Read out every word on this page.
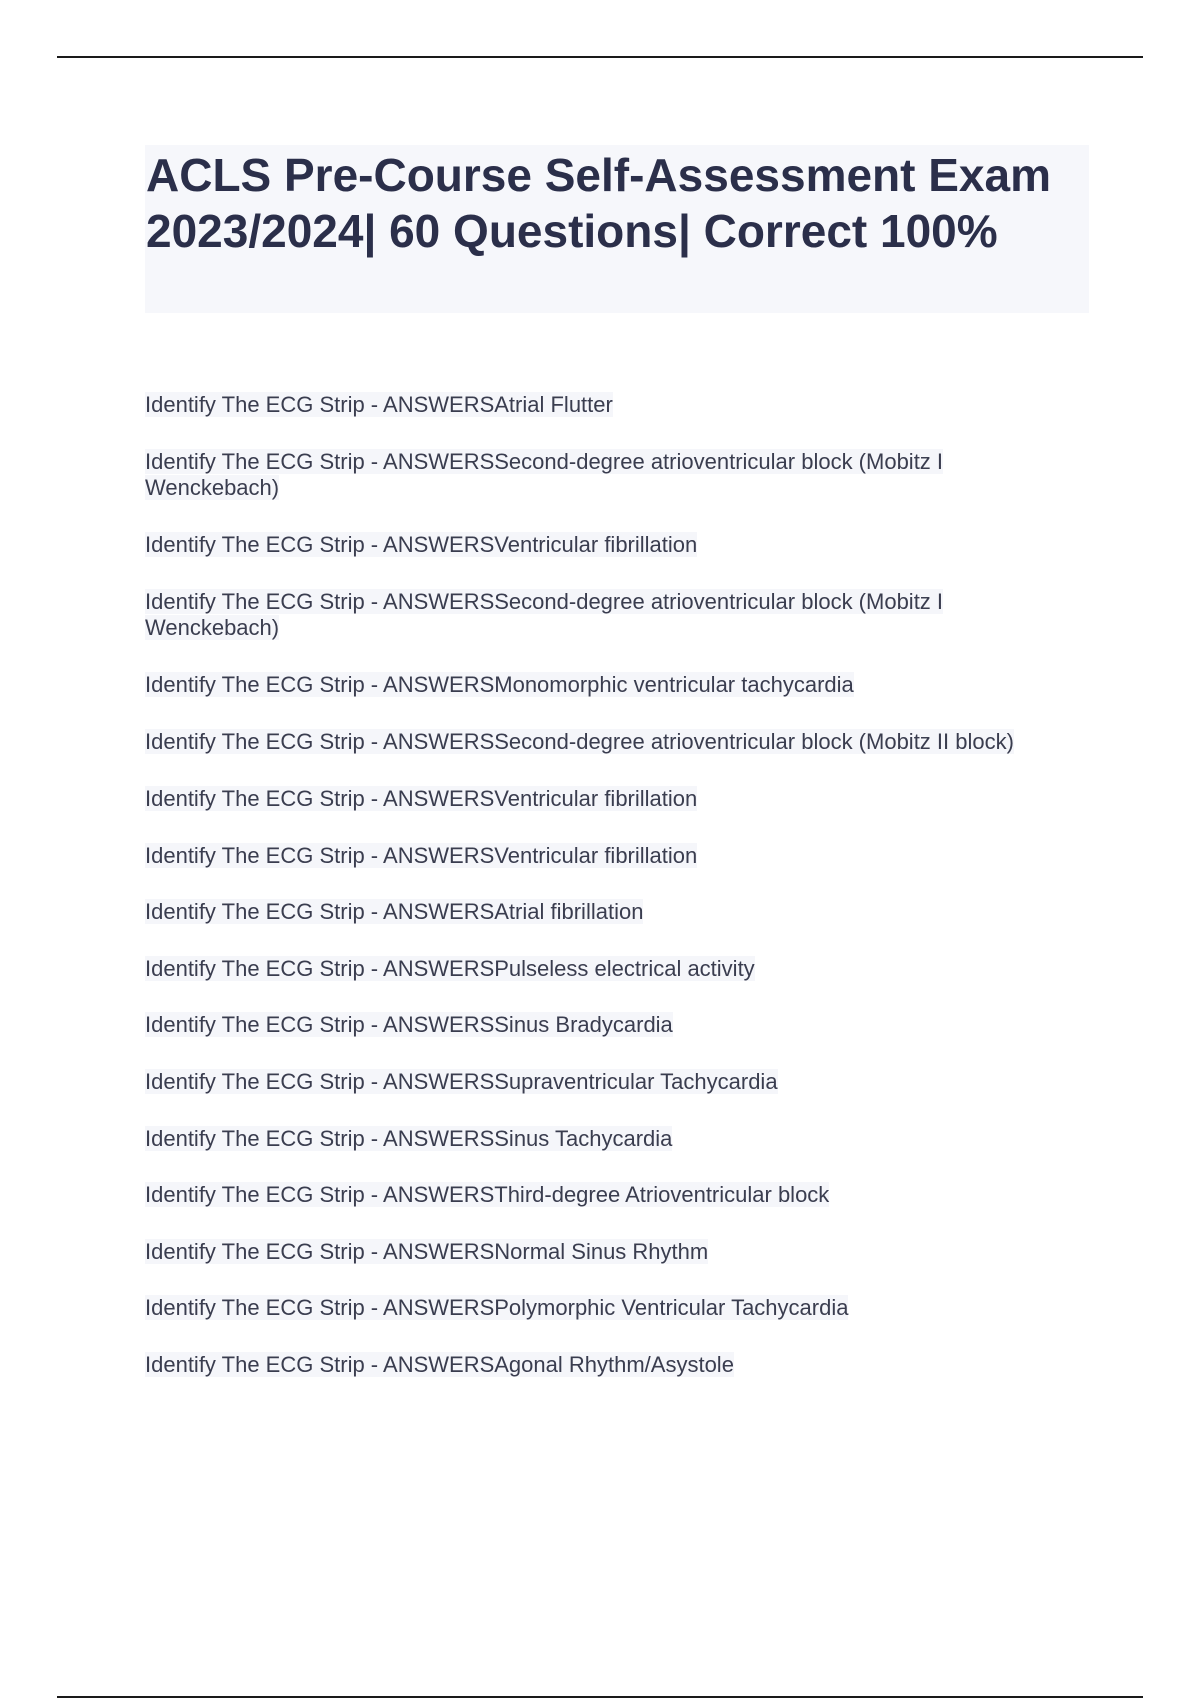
ACLS Pre-Course Self-Assessment Exam 2023/2024| 60 Questions| Correct 100%
Identify The ECG Strip - ANSWERSAtrial Flutter
Identify The ECG Strip - ANSWERSSecond-degree atrioventricular block (Mobitz I Wenckebach)
Identify The ECG Strip - ANSWERSVentricular fibrillation
Identify The ECG Strip - ANSWERSSecond-degree atrioventricular block (Mobitz I Wenckebach)
Identify The ECG Strip - ANSWERSMonomorphic ventricular tachycardia
Identify The ECG Strip - ANSWERSSecond-degree atrioventricular block (Mobitz II block)
Identify The ECG Strip - ANSWERSVentricular fibrillation
Identify The ECG Strip - ANSWERSVentricular fibrillation
Identify The ECG Strip - ANSWERSAtrial fibrillation
Identify The ECG Strip - ANSWERSPulseless electrical activity
Identify The ECG Strip - ANSWERSSinus Bradycardia
Identify The ECG Strip - ANSWERSSupraventricular Tachycardia
Identify The ECG Strip - ANSWERSSinus Tachycardia
Identify The ECG Strip - ANSWERSThird-degree Atrioventricular block
Identify The ECG Strip - ANSWERSNormal Sinus Rhythm
Identify The ECG Strip - ANSWERSPolymorphic Ventricular Tachycardia
Identify The ECG Strip - ANSWERSAgonal Rhythm/Asystole
